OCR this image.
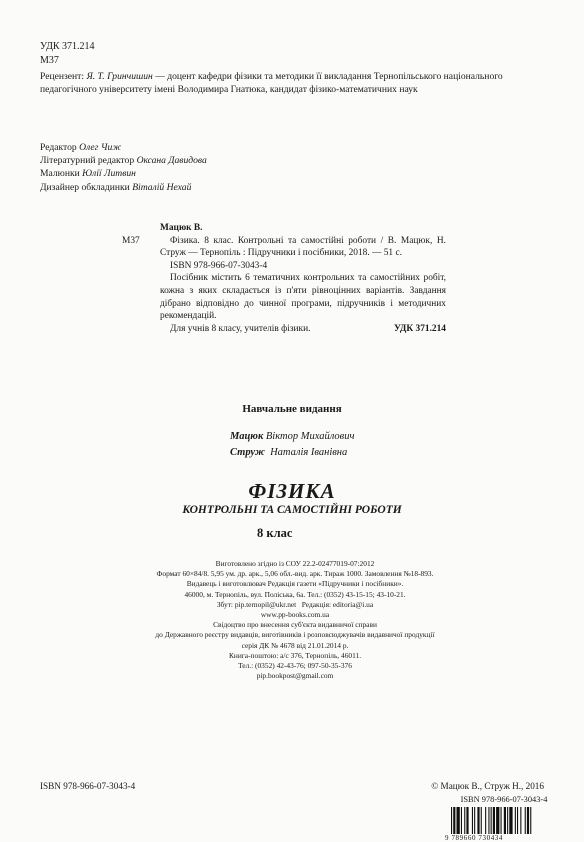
УДК 371.214
М37
Рецензент: Я. Т. Гринчишин — доцент кафедри фізики та методики її викладання Тернопільського національного педагогічного університету імені Володимира Гнатюка, кандидат фізико-математичних наук
Редактор Олег Чиж
Літературний редактор Оксана Давидова
Малюнки Юлії Литвин
Дизайнер обкладинки Віталій Нехай
М37
Мацюк В.
Фізика. 8 клас. Контрольні та самостійні роботи / В. Мацюк, Н. Струж — Тернопіль : Підручники і посібники, 2018. — 51 с.
ISBN 978-966-07-3043-4
Посібник містить 6 тематичних контрольних та самостійних робіт, кожна з яких складається із п'яти рівноцінних варіантів. Завдання дібрано відповідно до чинної програми, підручників і методичних рекомендацій.
Для учнів 8 класу, учителів фізики.	УДК 371.214
Навчальне видання
Мацюк Віктор Михайлович
Струж  Наталія Іванівна
ФІЗИКА
КОНТРОЛЬНІ ТА САМОСТІЙНІ РОБОТИ
8 клас
Виготовлено згідно із СОУ 22.2-02477019-07:2012
Формат 60×84/8. 5,95 ум. др. арк., 5,06 обл.-вид. арк. Тираж 1000. Замовлення №18-893.
Видавець і виготовлювач Редакція газети «Підручники і посібники».
46000, м. Тернопіль, вул. Поліська, 6а. Тел.: (0352) 43-15-15; 43-10-21.
Збут: pip.ternopil@ukr.net   Редакція: editoria@i.ua
www.pp-books.com.ua
Свідоцтво про внесення суб'єкта видавничої справи
до Державного реєстру видавців, виготівників і розповсюджувачів видавничої продукції
серія ДК № 4678 від 21.01.2014 р.
Книга-поштою: а/с 376, Тернопіль, 46011.
Тел.: (0352) 42-43-76; 097-50-35-376
pip.bookpost@gmail.com
ISBN 978-966-07-3043-4	© Мацюк В., Струж Н., 2016
ISBN 978-966-07-3043-4
9 789660 730434
